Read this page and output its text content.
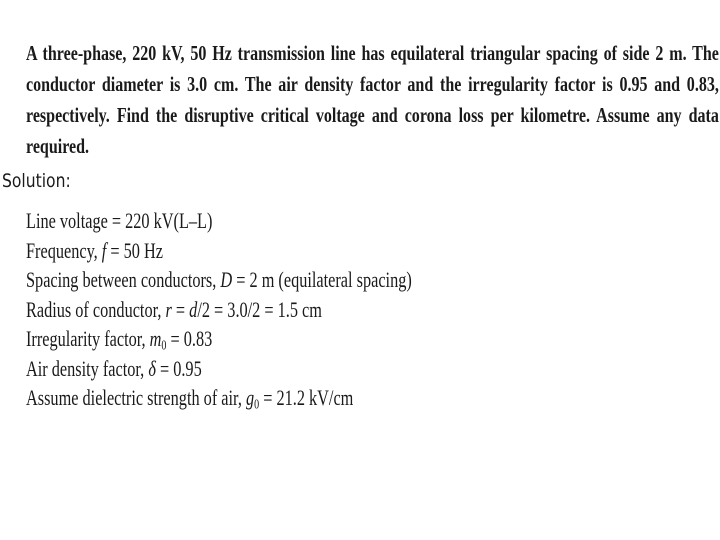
A three-phase, 220 kV, 50 Hz transmission line has equilateral triangular spacing of side 2 m. The conductor diameter is 3.0 cm. The air density factor and the irregularity factor is 0.95 and 0.83, respectively. Find the disruptive critical voltage and corona loss per kilometre. Assume any data required.

Solution:
Line voltage = 220 kV(L–L)
Frequency, f = 50 Hz
Spacing between conductors, D = 2 m (equilateral spacing)
Radius of conductor, r = d/2 = 3.0/2 = 1.5 cm
Irregularity factor, $m_0 = 0.83$
Air density factor, δ = 0.95
Assume dielectric strength of air, $g_0 = 21.2$ kV/cm
